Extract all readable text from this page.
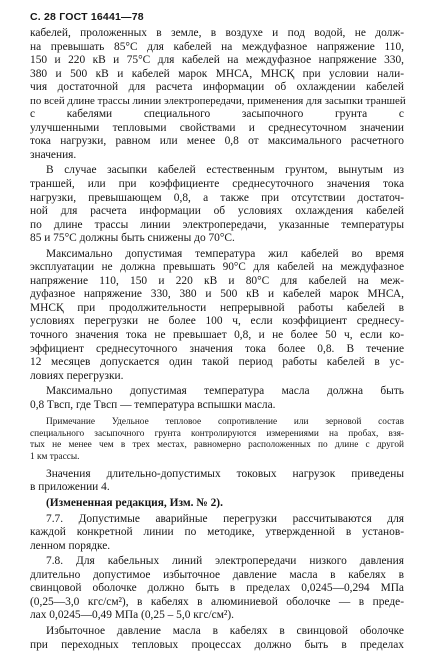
С. 28 ГОСТ 16441—78
кабелей, проложенных в земле, в воздухе и под водой, не долж-
на превышать 85°С для кабелей на междуфазное напряжение 110,
150 и 220 кВ и 75°С для кабелей на междуфазное напряжение 330,
380 и 500 кВ и кабелей марок МНСА, МНСҚ при условии нали-
чия достаточной для расчета информации об охлаждении кабелей
по всей длине трассы линии электропередачи, применения для засыпки траншей
с кабелями специального засыпочного грунта с
улучшенными тепловыми свойствами и среднесуточном значении
тока нагрузки, равном или менее 0,8 от максимального расчетного
значения.
В случае засыпки кабелей естественным грунтом, вынутым из
траншей, или при коэффициенте среднесуточного значения тока
нагрузки, превышающем 0,8, а также при отсутствии достаточ-
ной для расчета информации об условиях охлаждения кабелей
по длине трассы линии электропередачи, указанные температуры
85 и 75°С должны быть снижены до 70°С.
Максимально допустимая температура жил кабелей во время
эксплуатации не должна превышать 90°С для кабелей на междуфазное
напряжение 110, 150 и 220 кВ и 80°С для кабелей на меж-
дуфазное напряжение 330, 380 и 500 кВ и кабелей марок МНСА,
МНСҚ при продолжительности непрерывной работы кабелей в
условиях перегрузки не более 100 ч, если коэффициент среднесу-
точного значения тока не превышает 0,8, и не более 50 ч, если ко-
эффициент среднесуточного значения тока более 0,8. В течение
12 месяцев допускается один такой период работы кабелей в ус-
ловиях перегрузки.
Максимально допустимая температура масла должна быть
0,8 Tвсп, где Tвсп — температура вспышки масла.
Примечание Удельное тепловое сопротивление или зерновой состав
специального засыпочного грунта контролируются измерениями на пробах, взя-
тых не менее чем в трех местах, равномерно расположенных по длине с другой
1 км трассы.
Значения длительно-допустимых токовых нагрузок приведены
в приложении 4.
(Измененная редакция, Изм. № 2).
7.7. Допустимые аварийные перегрузки рассчитываются для
каждой конкретной линии по методике, утвержденной в установ-
ленном порядке.
7.8. Для кабельных линий электропередачи низкого давления
длительно допустимое избыточное давление масла в кабелях в
свинцовой оболочке должно быть в пределах 0,0245—0,294 МПа
(0,25—3,0 кгс/см²), в кабелях в алюминиевой оболочке — в преде-
лах 0,0245—0,49 МПа (0,25 – 5,0 кгс/см²).
Избыточное давление масла в кабелях в свинцовой оболочке
при переходных тепловых процессах должно быть в пределах
